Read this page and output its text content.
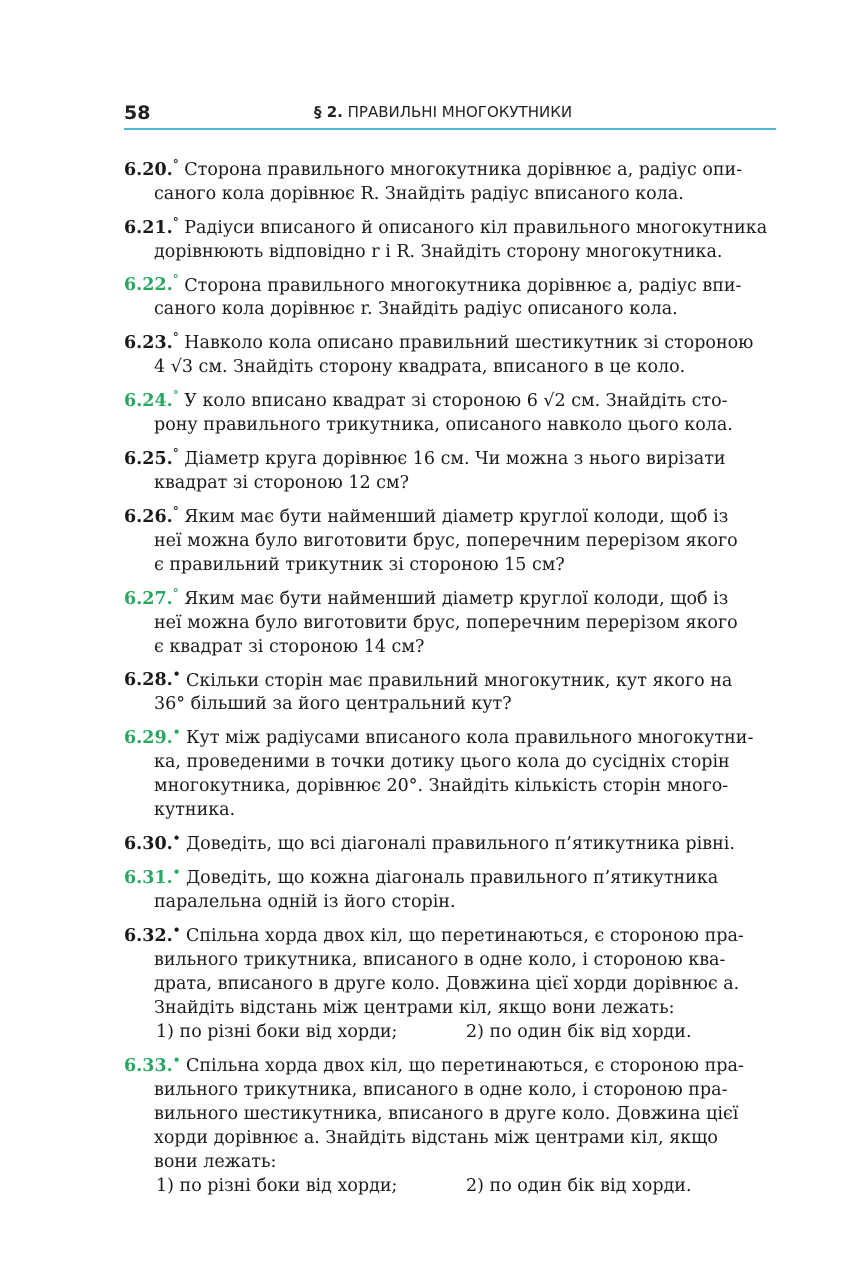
58	§ 2. ПРАВИЛЬНІ МНОГОКУТНИКИ
6.20.° Сторона правильного многокутника дорівнює a, радіус опи-
саного кола дорівнює R. Знайдіть радіус вписаного кола.
6.21.° Радіуси вписаного й описаного кіл правильного многокутника
дорівнюють відповідно r і R. Знайдіть сторону многокутника.
6.22.° Сторона правильного многокутника дорівнює a, радіус впи-
саного кола дорівнює r. Знайдіть радіус описаного кола.
6.23.° Навколо кола описано правильний шестикутник зі стороною
4 √3 см. Знайдіть сторону квадрата, вписаного в це коло.
6.24.° У коло вписано квадрат зі стороною 6 √2 см. Знайдіть сто-
рону правильного трикутника, описаного навколо цього кола.
6.25.° Діаметр круга дорівнює 16 см. Чи можна з нього вирізати
квадрат зі стороною 12 см?
6.26.° Яким має бути найменший діаметр круглої колоди, щоб із
неї можна було виготовити брус, поперечним перерізом якого
є правильний трикутник зі стороною 15 см?
6.27.° Яким має бути найменший діаметр круглої колоди, щоб із
неї можна було виготовити брус, поперечним перерізом якого
є квадрат зі стороною 14 см?
6.28.• Скільки сторін має правильний многокутник, кут якого на
36° більший за його центральний кут?
6.29.• Кут між радіусами вписаного кола правильного многокутни-
ка, проведеними в точки дотику цього кола до сусідніх сторін
многокутника, дорівнює 20°. Знайдіть кількість сторін много-
кутника.
6.30.• Доведіть, що всі діагоналі правильного п’ятикутника рівні.
6.31.• Доведіть, що кожна діагональ правильного п’ятикутника
паралельна одній із його сторін.
6.32.• Спільна хорда двох кіл, що перетинаються, є стороною пра-
вильного трикутника, вписаного в одне коло, і стороною ква-
драта, вписаного в друге коло. Довжина цієї хорди дорівнює a.
Знайдіть відстань між центрами кіл, якщо вони лежать:
1) по різні боки від хорди;	2) по один бік від хорди.
6.33.• Спільна хорда двох кіл, що перетинаються, є стороною пра-
вильного трикутника, вписаного в одне коло, і стороною пра-
вильного шестикутника, вписаного в друге коло. Довжина цієї
хорди дорівнює a. Знайдіть відстань між центрами кіл, якщо
вони лежать:
1) по різні боки від хорди;	2) по один бік від хорди.
